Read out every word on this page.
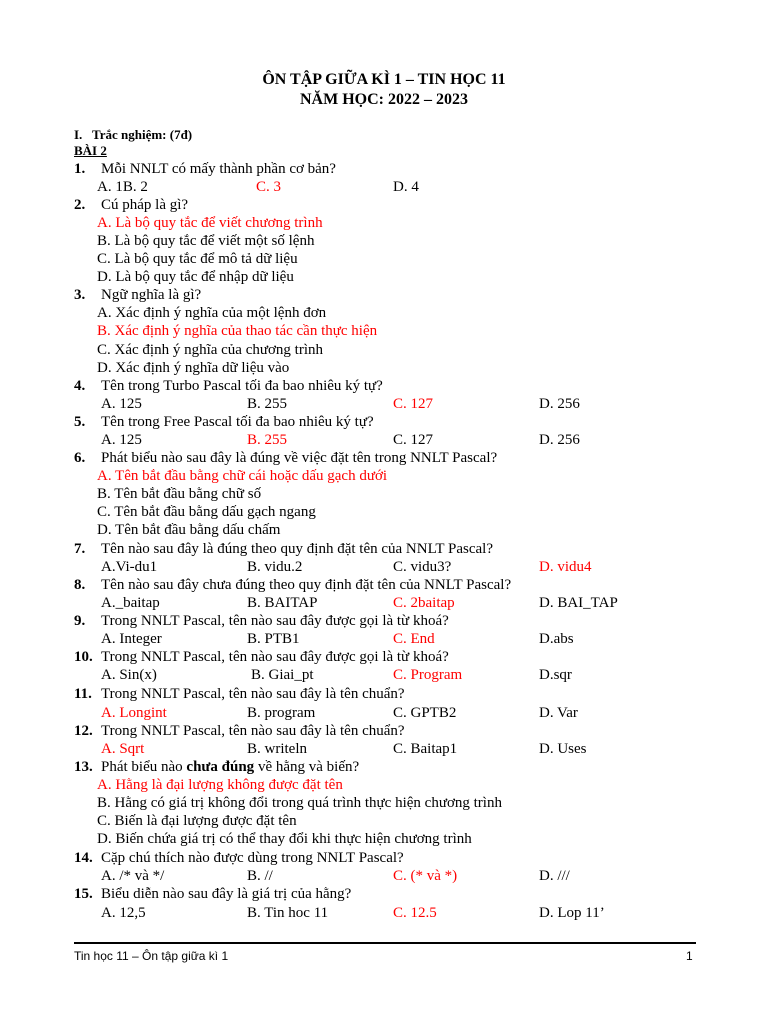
ÔN TẬP GIỮA KÌ 1 – TIN HỌC 11
NĂM HỌC: 2022 – 2023
I. Trắc nghiệm: (7đ)
BÀI 2
1. Mỗi NNLT có mấy thành phần cơ bản?
A. 1B. 2	C. 3	D. 4
2. Cú pháp là gì?
A. Là bộ quy tắc để viết chương trình
B. Là bộ quy tắc để viết một số lệnh
C. Là bộ quy tắc để mô tả dữ liệu
D. Là bộ quy tắc để nhập dữ liệu
3. Ngữ nghĩa là gì?
A. Xác định ý nghĩa của một lệnh đơn
B. Xác định ý nghĩa của thao tác cần thực hiện
C. Xác định ý nghĩa của chương trình
D. Xác định ý nghĩa dữ liệu vào
4. Tên trong Turbo Pascal tối đa bao nhiêu ký tự?
A. 125	B. 255	C. 127	D. 256
5. Tên trong Free Pascal tối đa bao nhiêu ký tự?
A. 125	B. 255	C. 127	D. 256
6. Phát biểu nào sau đây là đúng về việc đặt tên trong NNLT Pascal?
A. Tên bắt đầu bằng chữ cái hoặc dấu gạch dưới
B. Tên bắt đầu bằng chữ số
C. Tên bắt đầu bằng dấu gạch ngang
D. Tên bắt đầu bằng dấu chấm
7. Tên nào sau đây là đúng theo quy định đặt tên của NNLT Pascal?
A.Vi-du1	B. vidu.2	C. vidu3?	D. vidu4
8. Tên nào sau đây chưa đúng theo quy định đặt tên của NNLT Pascal?
A._baitap	B. BAITAP	C. 2baitap	D. BAI_TAP
9. Trong NNLT Pascal, tên nào sau đây được gọi là từ khoá?
A. Integer	B. PTB1	C. End	D.abs
10. Trong NNLT Pascal, tên nào sau đây được gọi là từ khoá?
A. Sin(x)	B. Giai_pt	C. Program	D.sqr
11. Trong NNLT Pascal, tên nào sau đây là tên chuẩn?
A. Longint	B. program	C. GPTB2	D. Var
12. Trong NNLT Pascal, tên nào sau đây là tên chuẩn?
A. Sqrt	B. writeln	C. Baitap1	D. Uses
13. Phát biểu nào chưa đúng về hằng và biến?
A. Hằng là đại lượng không được đặt tên
B. Hằng có giá trị không đổi trong quá trình thực hiện chương trình
C. Biến là đại lượng được đặt tên
D. Biến chứa giá trị có thể thay đổi khi thực hiện chương trình
14. Cặp chú thích nào được dùng trong NNLT Pascal?
A. /* và */	B. //	C. (* và *)	D. ///
15. Biểu diễn nào sau đây là giá trị của hằng?
A. 12,5	B. Tin hoc 11	C. 12.5	D. Lop 11’
Tin học 11 – Ôn tập giữa kì 1	1
